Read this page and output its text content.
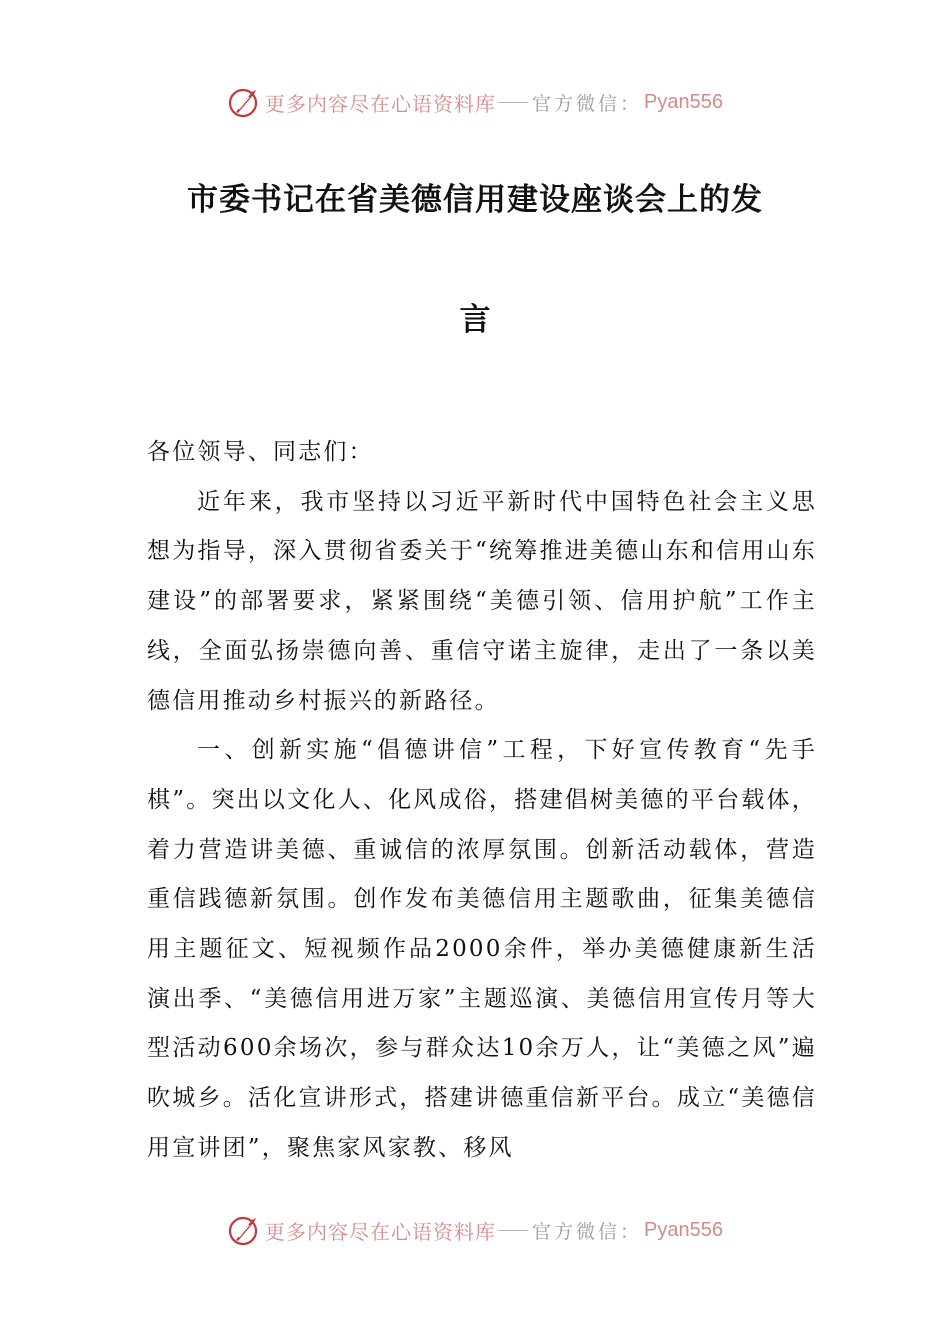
更多内容尽在心语资料库 官方微信： Pyan556
市委书记在省美德信用建设座谈会上的发
言

各位领导、同志们：

近年来，我市坚持以习近平新时代中国特色社会主义思想为指导，深入贯彻省委关于“统筹推进美德山东和信用山东建设”的部署要求，紧紧围绕“美德引领、信用护航”工作主线，全面弘扬崇德向善、重信守诺主旋律，走出了一条以美德信用推动乡村振兴的新路径。

一、创新实施“倡德讲信”工程，下好宣传教育“先手棋”。突出以文化人、化风成俗，搭建倡树美德的平台载体，着力营造讲美德、重诚信的浓厚氛围。创新活动载体，营造重信践德新氛围。创作发布美德信用主题歌曲，征集美德信用主题征文、短视频作品2000余件，举办美德健康新生活演出季、“美德信用进万家”主题巡演、美德信用宣传月等大型活动600余场次，参与群众达10余万人，让“美德之风”遍吹城乡。活化宣讲形式，搭建讲德重信新平台。成立“美德信用宣讲团”，聚焦家风家教、移风

更多内容尽在心语资料库 官方微信： Pyan556
